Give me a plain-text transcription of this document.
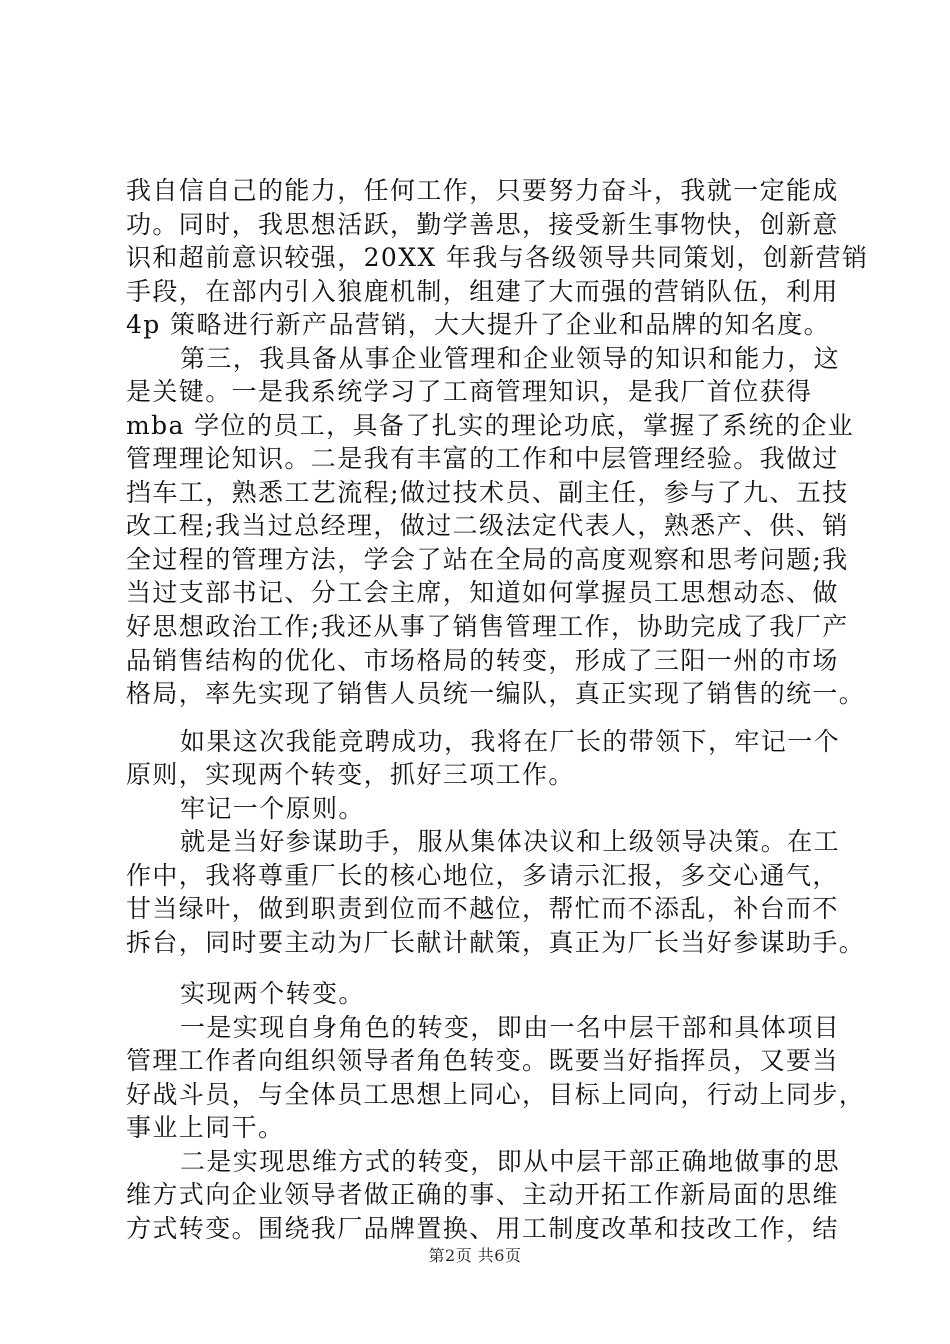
我自信自己的能力，任何工作，只要努力奋斗，我就一定能成
功。同时，我思想活跃，勤学善思，接受新生事物快，创新意
识和超前意识较强，20XX 年我与各级领导共同策划，创新营销
手段，在部内引入狼鹿机制，组建了大而强的营销队伍，利用
4p 策略进行新产品营销，大大提升了企业和品牌的知名度。
第三，我具备从事企业管理和企业领导的知识和能力，这
是关键。一是我系统学习了工商管理知识，是我厂首位获得
mba 学位的员工，具备了扎实的理论功底，掌握了系统的企业
管理理论知识。二是我有丰富的工作和中层管理经验。我做过
挡车工，熟悉工艺流程;做过技术员、副主任，参与了九、五技
改工程;我当过总经理，做过二级法定代表人，熟悉产、供、销
全过程的管理方法，学会了站在全局的高度观察和思考问题;我
当过支部书记、分工会主席，知道如何掌握员工思想动态、做
好思想政治工作;我还从事了销售管理工作，协助完成了我厂产
品销售结构的优化、市场格局的转变，形成了三阳一州的市场
格局，率先实现了销售人员统一编队，真正实现了销售的统一。
如果这次我能竞聘成功，我将在厂长的带领下，牢记一个
原则，实现两个转变，抓好三项工作。
牢记一个原则。
就是当好参谋助手，服从集体决议和上级领导决策。在工
作中，我将尊重厂长的核心地位，多请示汇报，多交心通气，
甘当绿叶，做到职责到位而不越位，帮忙而不添乱，补台而不
拆台，同时要主动为厂长献计献策，真正为厂长当好参谋助手。
实现两个转变。
一是实现自身角色的转变，即由一名中层干部和具体项目
管理工作者向组织领导者角色转变。既要当好指挥员，又要当
好战斗员，与全体员工思想上同心，目标上同向，行动上同步，
事业上同干。
二是实现思维方式的转变，即从中层干部正确地做事的思
维方式向企业领导者做正确的事、主动开拓工作新局面的思维
方式转变。围绕我厂品牌置换、用工制度改革和技改工作，结
第2页 共6页
